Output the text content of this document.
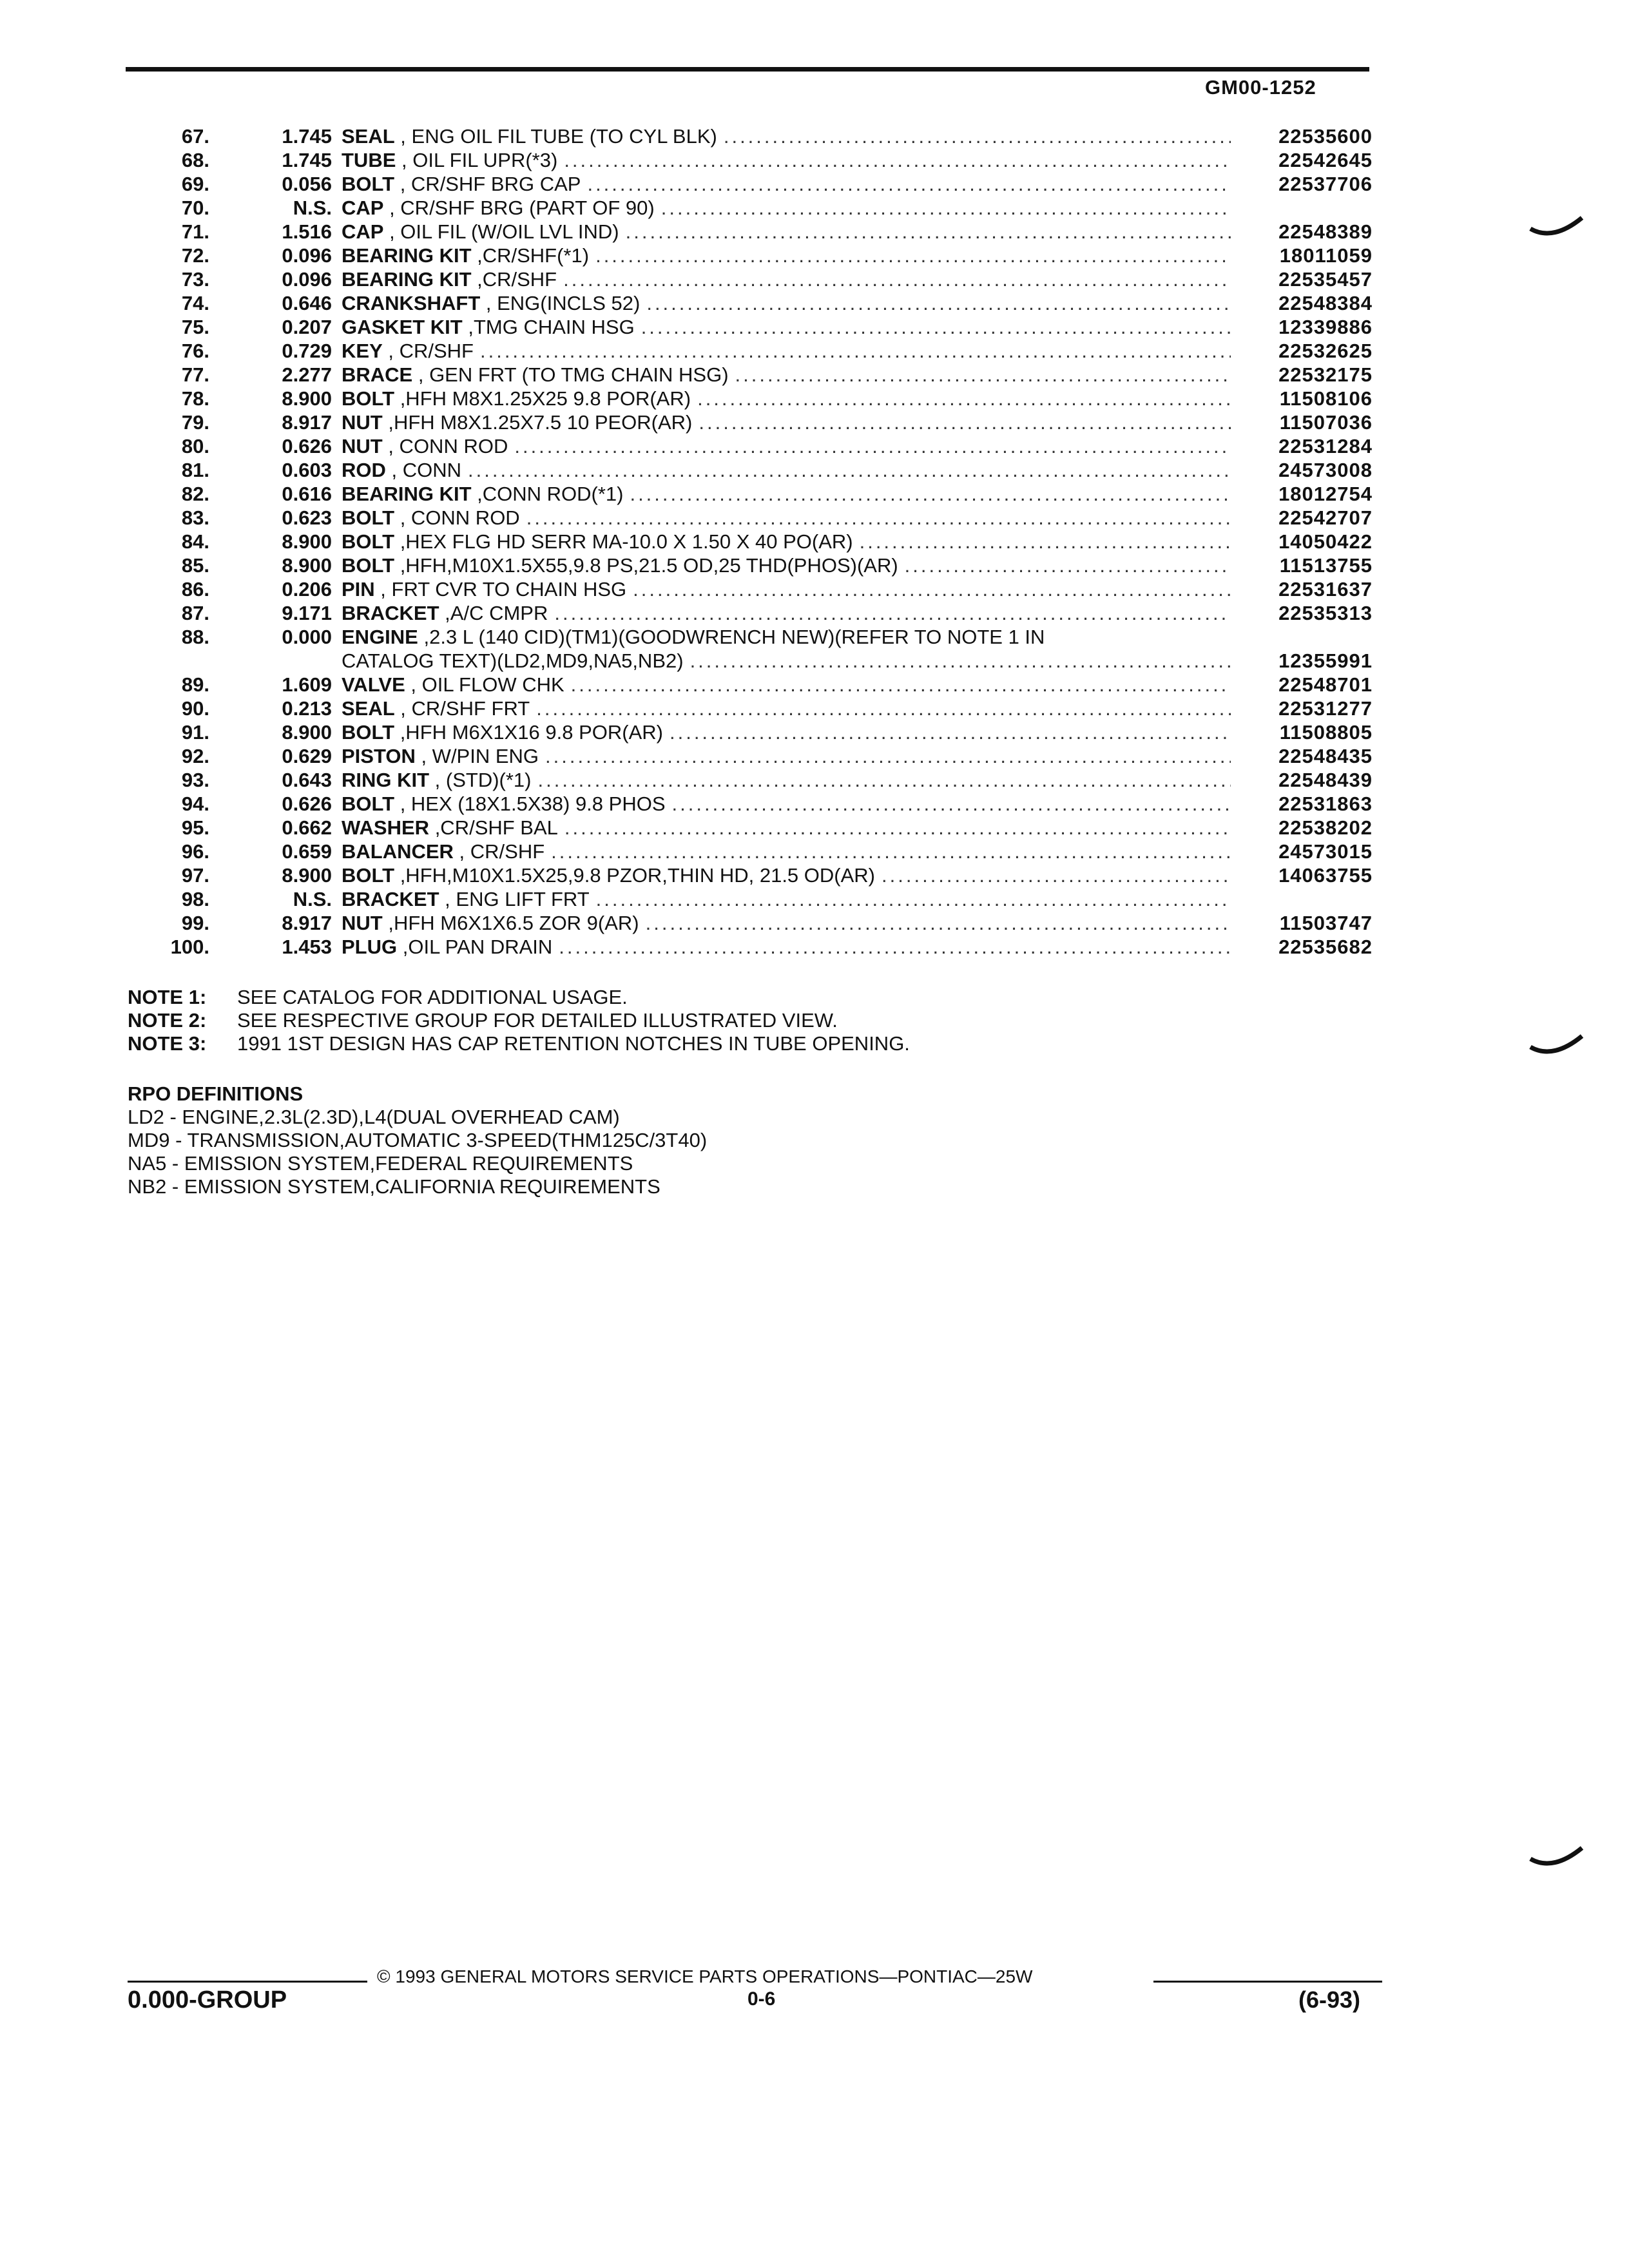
GM00-1252
67.	1.745 SEAL , ENG OIL FIL TUBE (TO CYL BLK) .....	22535600
68.	1.745 TUBE , OIL FIL UPR(*3) .....	22542645
69.	0.056 BOLT , CR/SHF BRG CAP .....	22537706
70.	N.S. CAP , CR/SHF BRG (PART OF 90)
.....
71.	1.516 CAP , OIL FIL (W/OIL LVL IND) .....	22548389
72.	0.096 BEARING KIT ,CR/SHF(*1) .....	18011059
73.	0.096 BEARING KIT ,CR/SHF .....	22535457
74.	0.646 CRANKSHAFT , ENG(INCLS 52) .....	22548384
75.	0.207 GASKET KIT ,TMG CHAIN HSG .....	12339886
76.	0.729 KEY , CR/SHF .....	22532625
77.	2.277 BRACE , GEN FRT (TO TMG CHAIN HSG) .....	22532175
78.	8.900 BOLT ,HFH M8X1.25X25 9.8 POR(AR) .....	11508106
79.	8.917 NUT ,HFH M8X1.25X7.5 10 PEOR(AR) .....	11507036
80.	0.626 NUT , CONN ROD .....	22531284
81.	0.603 ROD , CONN .....	24573008
82.	0.616 BEARING KIT ,CONN ROD(*1) .....	18012754
83.	0.623 BOLT , CONN ROD .....	22542707
84.	8.900 BOLT ,HEX FLG HD SERR MA-10.0 X 1.50 X 40 PO(AR) .....	14050422
85.	8.900 BOLT ,HFH,M10X1.5X55,9.8 PS,21.5 OD,25 THD(PHOS)(AR) .....	11513755
86.	0.206 PIN , FRT CVR TO CHAIN HSG .....	22531637
87.	9.171 BRACKET ,A/C CMPR .....	22535313
88.	0.000 ENGINE ,2.3 L (140 CID)(TM1)(GOODWRENCH NEW)(REFER TO NOTE 1 IN
CATALOG TEXT)(LD2,MD9,NA5,NB2) .....	12355991
89.	1.609 VALVE , OIL FLOW CHK .....	22548701
90.	0.213 SEAL , CR/SHF FRT .....	22531277
91.	8.900 BOLT ,HFH M6X1X16 9.8 POR(AR) .....	11508805
92.	0.629 PISTON , W/PIN ENG .....	22548435
93.	0.643 RING KIT , (STD)(*1) .....	22548439
94.	0.626 BOLT , HEX (18X1.5X38) 9.8 PHOS .....	22531863
95.	0.662 WASHER ,CR/SHF BAL .....	22538202
96.	0.659 BALANCER , CR/SHF .....	24573015
97.	8.900 BOLT ,HFH,M10X1.5X25,9.8 PZOR,THIN HD, 21.5 OD(AR) .....	14063755
98.	N.S. BRACKET , ENG LIFT FRT
.....
99.	8.917 NUT ,HFH M6X1X6.5 ZOR 9(AR) .....	11503747
100.	1.453 PLUG ,OIL PAN DRAIN .....	22535682
NOTE 1:	SEE CATALOG FOR ADDITIONAL USAGE.
NOTE 2:	SEE RESPECTIVE GROUP FOR DETAILED ILLUSTRATED VIEW.
NOTE 3:	1991 1ST DESIGN HAS CAP RETENTION NOTCHES IN TUBE OPENING.
RPO DEFINITIONS
LD2 - ENGINE,2.3L(2.3D),L4(DUAL OVERHEAD CAM)
MD9 - TRANSMISSION,AUTOMATIC 3-SPEED(THM125C/3T40)
NA5 - EMISSION SYSTEM,FEDERAL REQUIREMENTS
NB2 - EMISSION SYSTEM,CALIFORNIA REQUIREMENTS
© 1993 GENERAL MOTORS SERVICE PARTS OPERATIONS—PONTIAC—25W
0.000-GROUP	0-6	(6-93)
